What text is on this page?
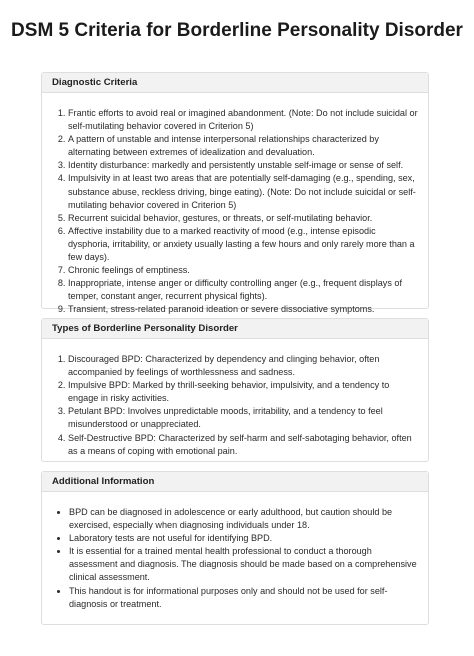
DSM 5 Criteria for Borderline Personality Disorder
Diagnostic Criteria
1. Frantic efforts to avoid real or imagined abandonment. (Note: Do not include suicidal or self-mutilating behavior covered in Criterion 5)
2. A pattern of unstable and intense interpersonal relationships characterized by alternating between extremes of idealization and devaluation.
3. Identity disturbance: markedly and persistently unstable self-image or sense of self.
4. Impulsivity in at least two areas that are potentially self-damaging (e.g., spending, sex, substance abuse, reckless driving, binge eating). (Note: Do not include suicidal or self-mutilating behavior covered in Criterion 5)
5. Recurrent suicidal behavior, gestures, or threats, or self-mutilating behavior.
6. Affective instability due to a marked reactivity of mood (e.g., intense episodic dysphoria, irritability, or anxiety usually lasting a few hours and only rarely more than a few days).
7. Chronic feelings of emptiness.
8. Inappropriate, intense anger or difficulty controlling anger (e.g., frequent displays of temper, constant anger, recurrent physical fights).
9. Transient, stress-related paranoid ideation or severe dissociative symptoms.
Types of Borderline Personality Disorder
1. Discouraged BPD: Characterized by dependency and clinging behavior, often accompanied by feelings of worthlessness and sadness.
2. Impulsive BPD: Marked by thrill-seeking behavior, impulsivity, and a tendency to engage in risky activities.
3. Petulant BPD: Involves unpredictable moods, irritability, and a tendency to feel misunderstood or unappreciated.
4. Self-Destructive BPD: Characterized by self-harm and self-sabotaging behavior, often as a means of coping with emotional pain.
Additional Information
• BPD can be diagnosed in adolescence or early adulthood, but caution should be exercised, especially when diagnosing individuals under 18.
• Laboratory tests are not useful for identifying BPD.
• It is essential for a trained mental health professional to conduct a thorough assessment and diagnosis. The diagnosis should be made based on a comprehensive clinical assessment.
• This handout is for informational purposes only and should not be used for self-diagnosis or treatment.
